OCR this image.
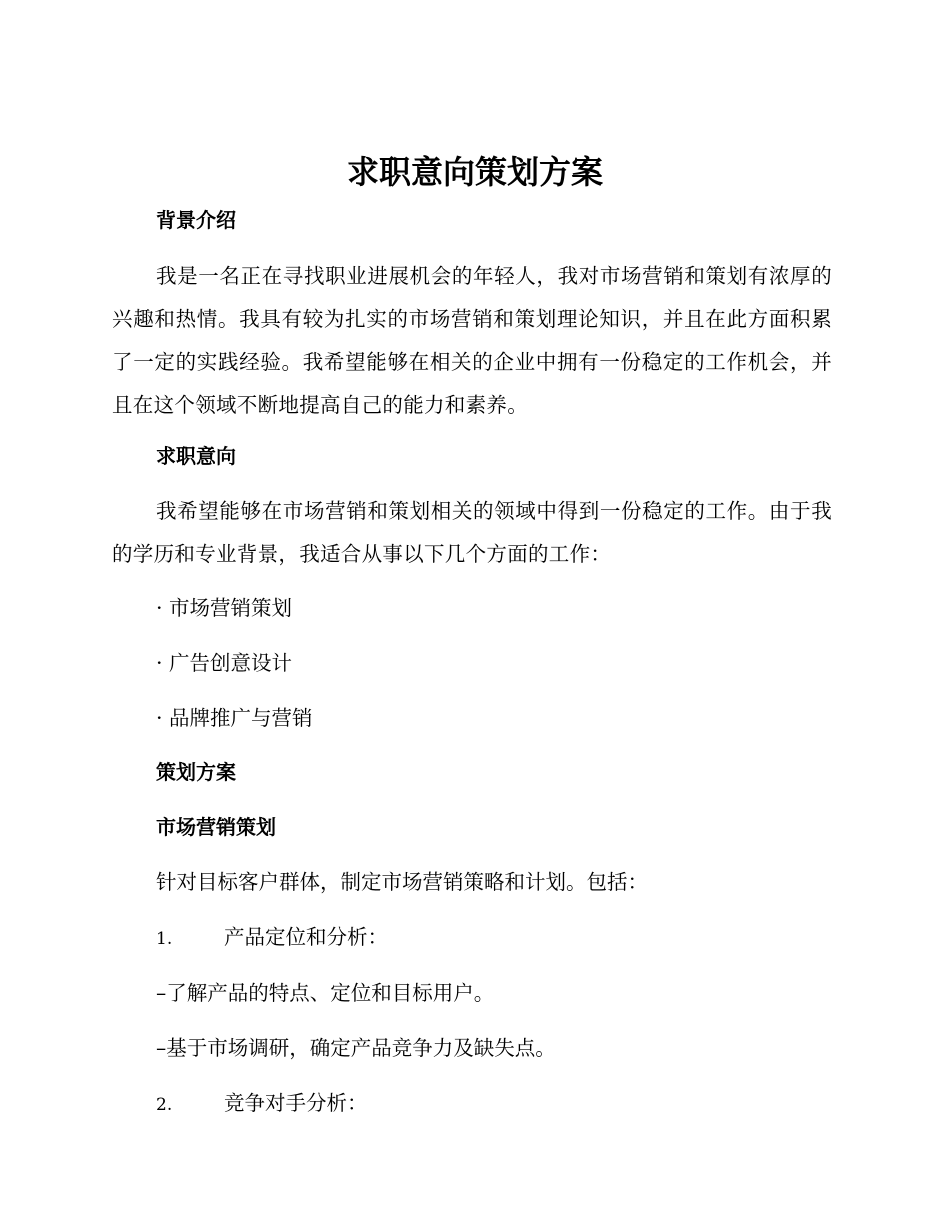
求职意向策划方案
背景介绍
我是一名正在寻找职业进展机会的年轻人，我对市场营销和策划有浓厚的兴趣和热情。我具有较为扎实的市场营销和策划理论知识，并且在此方面积累了一定的实践经验。我希望能够在相关的企业中拥有一份稳定的工作机会，并且在这个领域不断地提高自己的能力和素养。
求职意向
我希望能够在市场营销和策划相关的领域中得到一份稳定的工作。由于我的学历和专业背景，我适合从事以下几个方面的工作：
· 市场营销策划
· 广告创意设计
· 品牌推广与营销
策划方案
市场营销策划
针对目标客户群体，制定市场营销策略和计划。包括：
1.	产品定位和分析：
–了解产品的特点、定位和目标用户。
–基于市场调研，确定产品竞争力及缺失点。
2.	竞争对手分析：
